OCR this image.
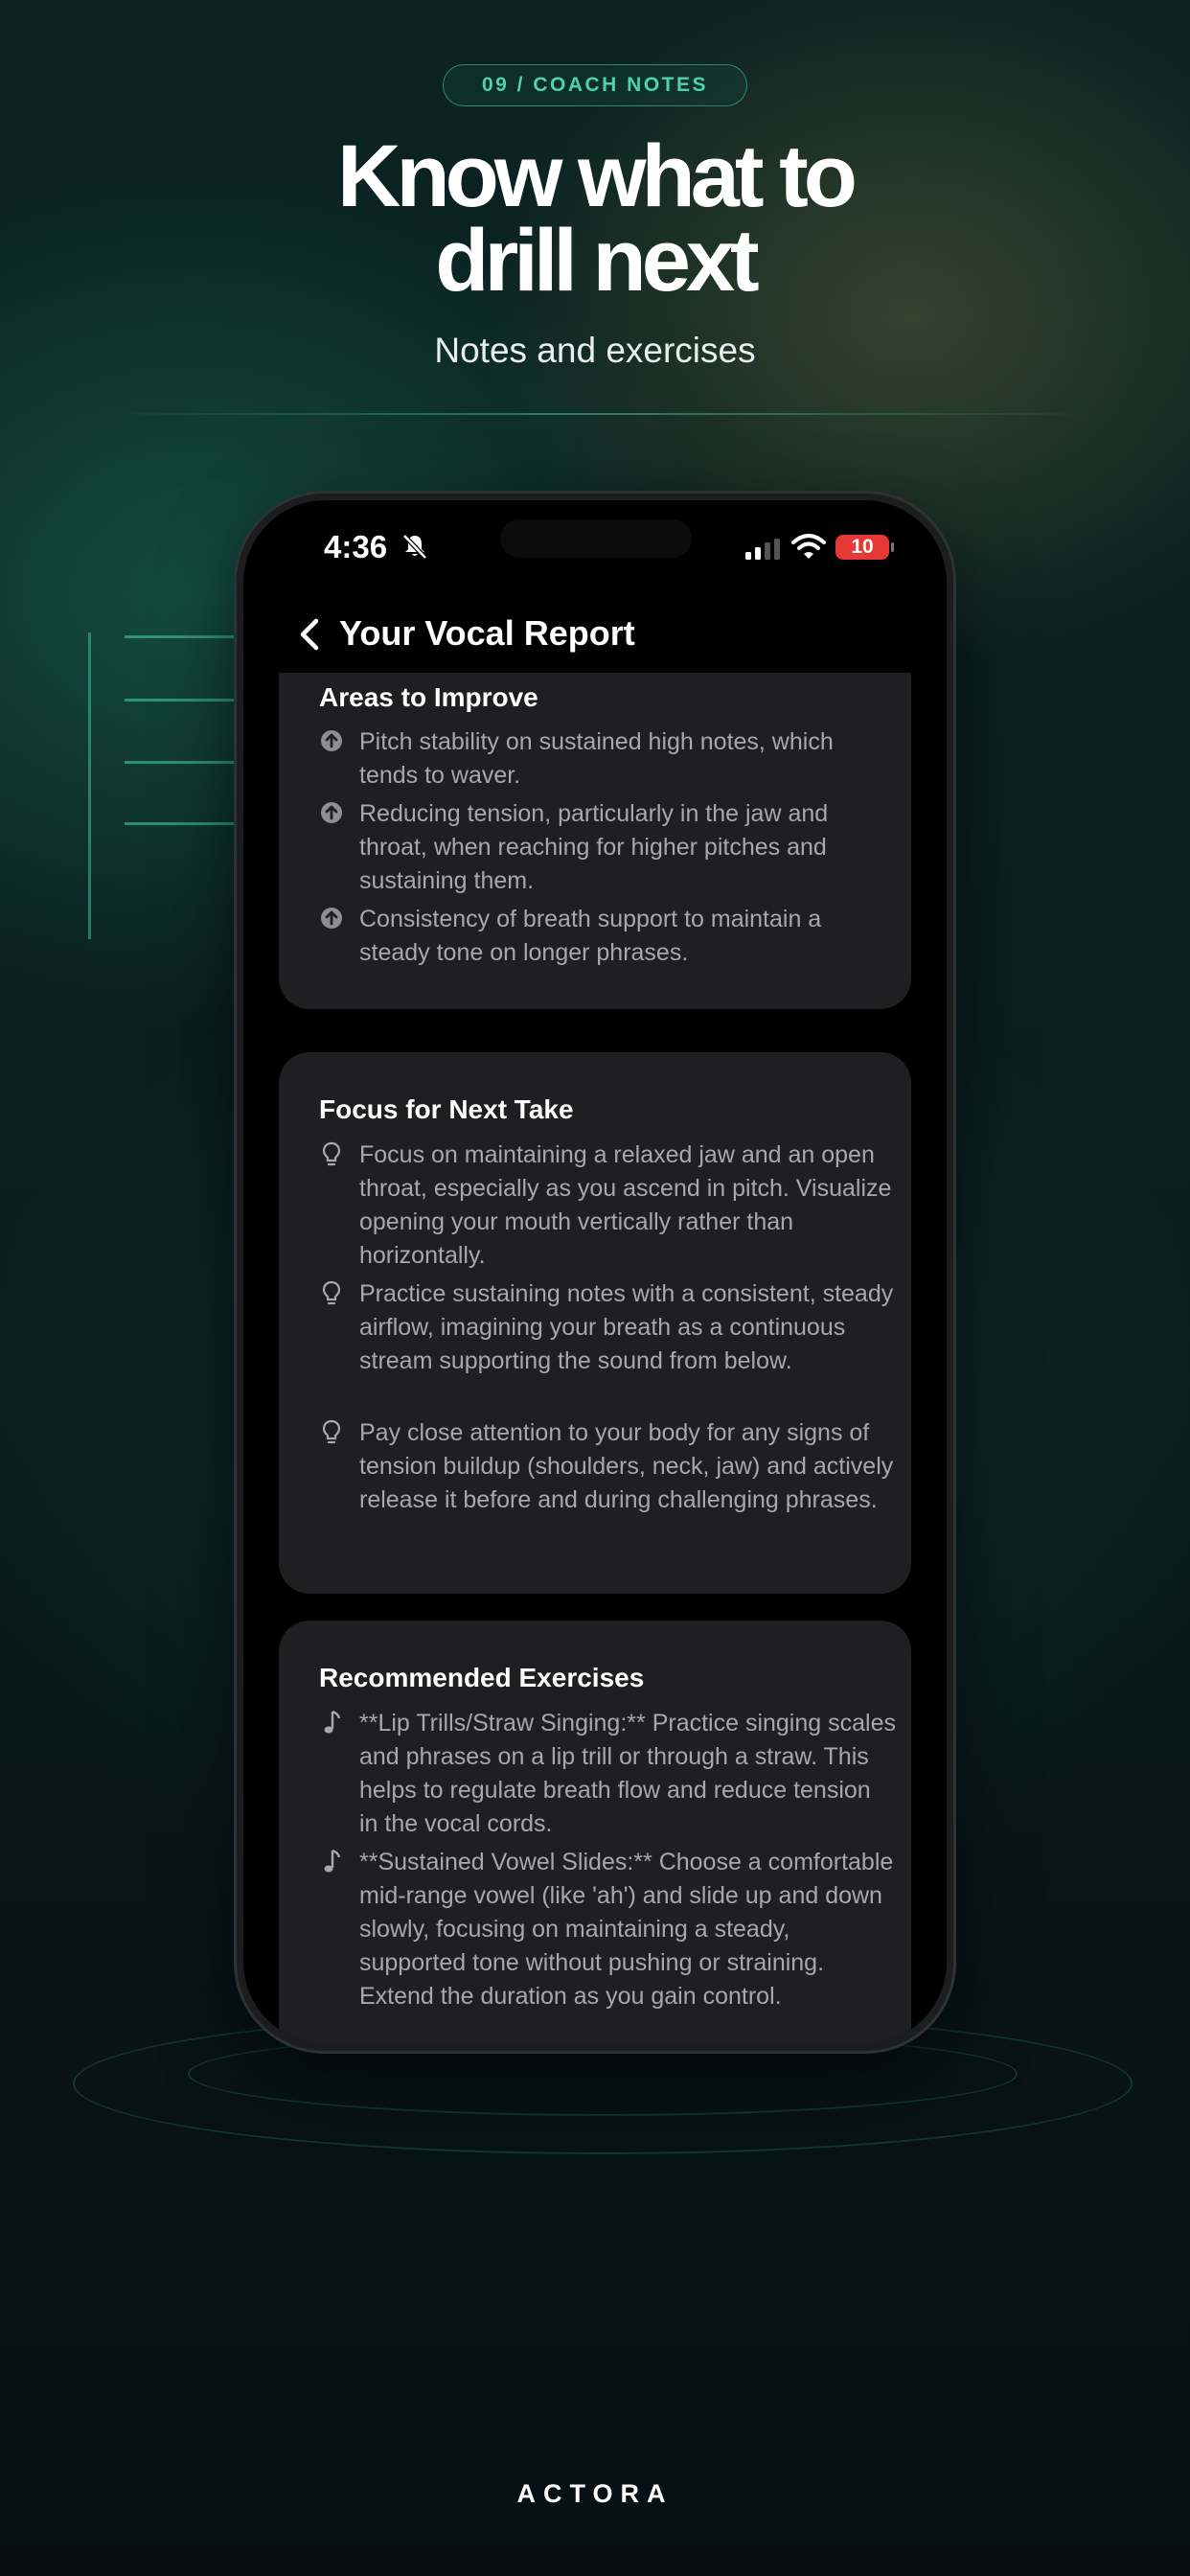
09 / COACH NOTES
Know what to
drill next
Notes and exercises
4:36	10
Your Vocal Report
Areas to Improve
Pitch stability on sustained high notes, which tends to waver.
Reducing tension, particularly in the jaw and throat, when reaching for higher pitches and sustaining them.
Consistency of breath support to maintain a steady tone on longer phrases.
Focus for Next Take
Focus on maintaining a relaxed jaw and an open throat, especially as you ascend in pitch. Visualize opening your mouth vertically rather than horizontally.
Practice sustaining notes with a consistent, steady airflow, imagining your breath as a continuous stream supporting the sound from below.
Pay close attention to your body for any signs of tension buildup (shoulders, neck, jaw) and actively release it before and during challenging phrases.
Recommended Exercises
**Lip Trills/Straw Singing:** Practice singing scales and phrases on a lip trill or through a straw. This helps to regulate breath flow and reduce tension in the vocal cords.
**Sustained Vowel Slides:** Choose a comfortable mid-range vowel (like 'ah') and slide up and down slowly, focusing on maintaining a steady, supported tone without pushing or straining. Extend the duration as you gain control.
ACTORA
